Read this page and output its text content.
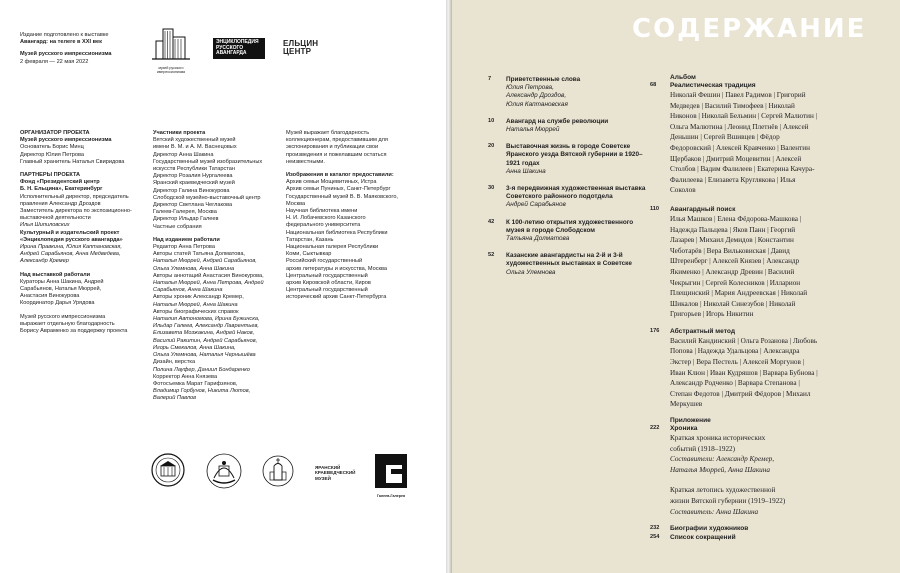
Издание подготовлено к выставке
Авангард: на телеге в XXI век
Музей русского импрессионизма
2 февраля — 22 мая 2022
музей русского импрессионизма
ЭНЦИКЛОПЕДИЯ
РУССКОГО
АВАНГАРДА
ЕЛЬЦИН
ЦЕНТР
ОРГАНИЗАТОР ПРОЕКТА
Музей русского импрессионизма
Основатель Борис Минц
Директор Юлия Петрова
Главный хранитель Наталья Свиридова
ПАРТНЕРЫ ПРОЕКТА
Фонд «Президентский центр
Б. Н. Ельцина», Екатеринбург
Исполнительный директор, председатель
правления Александр Дроздов
Заместитель директора по экспозиционно-
выставочной деятельности
Илья Шипиловских
Культурный и издательский проект
«Энциклопедия русского авангарда»
Ирина Правкина, Юлия Каптановская,
Андрей Сарабьянов, Анна Медведева,
Александр Кремер
Над выставкой работали
Кураторы Анна Шакина, Андрей
Сарабьянов, Наталья Мюррей,
Анастасия Винокурова
Координатор Дарья Урядова
Музей русского импрессионизма
выражает отдельную благодарность
Борису Авраменко за поддержку проекта
Участники проекта
Вятский художественный музей
имени В. М. и А. М. Васнецовых
Директор Анна Шакина
Государственный музей изобразительных
искусств Республики Татарстан
Директор Розалия Нургалеева
Яранский краеведческий музей
Директор Галина Винокурова
Слободской музейно-выставочный центр
Директор Светлана Чеглакова
Галеев-Галерея, Москва
Директор Ильдар Галеев
Частные собрания
Над изданием работали
Редактор Анна Петрова
Авторы статей Татьяна Долматова,
Наталья Мюррей, Андрей Сарабьянов,
Ольга Улемнова, Анна Шакина
Авторы аннотаций Анастасия Винокурова,
Наталья Мюррей, Анна Петрова, Андрей
Сарабьянов, Анна Шакина
Авторы хроник Александр Кремер,
Наталья Мюррей, Анна Шакина
Авторы биографических справок
Наталия Автономова, Ирина Бужинска,
Ильдар Галеев, Александр Лаврентьев,
Елизавета Мозжакина, Андрей Наков,
Василий Ракитин, Андрей Сарабьянов,
Игорь Смекалов, Анна Шакина,
Ольга Улемнова, Наталья Чернышёва
Дизайн, верстка
Полина Лауфер, Даниил Бондаренко
Корректор Анна Князева
Фотосъемка Марат Гарифзянов,
Владимир Горбунов, Никита Лютов,
Валерий Павлов
Музей выражает благодарность
коллекционерам, предоставившим для
экспонирования и публикации свои
произведения и пожелавшим остаться
неизвестными.
Изображения в каталог предоставили:
Архив семьи Мощевитиных, Истра
Архив семьи Пуниных, Санкт-Петербург
Государственный музей В. В. Маяковского,
Москва
Научная библиотека имени
Н. И. Лобачевского Казанского
федерального университета
Национальная библиотека Республики
Татарстан, Казань
Национальная галерея Республики
Коми, Сыктывкар
Российский государственный
архив литературы и искусства, Москва
Центральный государственный
архив Кировской области, Киров
Центральный государственный
исторический архив Санкт-Петербурга
ЯРАНСКИЙ
КРАЕВЕДЧЕСКИЙ
МУЗЕЙ
Галеев-Галерея
СОДЕРЖАНИЕ
7	Приветственные слова
Юлия Петрова,
Александр Дроздов,
Юлия Каптановская
10	Авангард на службе революции
Наталья Мюррей
20	Выставочная жизнь в городе Советске Яранского уезда Вятской губернии в 1920–1921 годах
Анна Шакина
30	3-я передвижная художественная выставка Советского районного подотдела
Андрей Сарабьянов
42	К 100-летию открытия художественного музея в городе Слободском
Татьяна Долматова
52	Казанские авангардисты на 2-й и 3-й художественных выставках в Советске
Ольга Улемнова
Альбом
68 Реалистическая традиция
Николай Фешин | Павел Радимов | Григорий Медведев | Василий Тимофеев | Николай Никонов | Николай Бельмин | Сергей Малютин | Ольга Малютина | Леонид Плетнёв | Алексей Деньшин | Сергей Вшивцев | Фёдор Федоровский | Алексей Кравченко | Валентин Щербаков | Дмитрий Моцевитин | Алексей Столбов | Вадим Фалилеев | Екатерина Качура-Фалилеева | Елизавета Круглякова | Илья Соколов
110 Авангардный поиск
Илья Машков | Елена Фёдорова-Машкова | Надежда Пальцева | Яков Панн | Георгий Лазарев | Михаил Демидов | Константин Чеботарёв | Вера Вильковиская | Давид Штеренберг | Алексей Князев | Александр Якименко | Александр Древин | Василий Чекрыгин | Сергей Колесников | Илларион Плещинский | Мария Андреевская | Николай Шикалов | Николай Синезубов | Николай Григорьев | Игорь Никитин
176 Абстрактный метод
Василий Кандинский | Ольга Розанова | Любовь Попова | Надежда Удальцова | Александра Экстер | Вера Пестель | Алексей Моргунов | Иван Клюн | Иван Кудряшов | Варвара Бубнова | Александр Родченко | Варвара Степанова | Степан Федотов | Дмитрий Фёдоров | Михаил Меркушев
Приложение
222 Хроника
Краткая хроника исторических
событий (1918–1922)
Составители: Александр Кремер,
Наталья Мюррей, Анна Шакина
Краткая летопись художественной
жизни Вятской губернии (1919–1922)
Составитель: Анна Шакина
232 Биографии художников
254 Список сокращений
